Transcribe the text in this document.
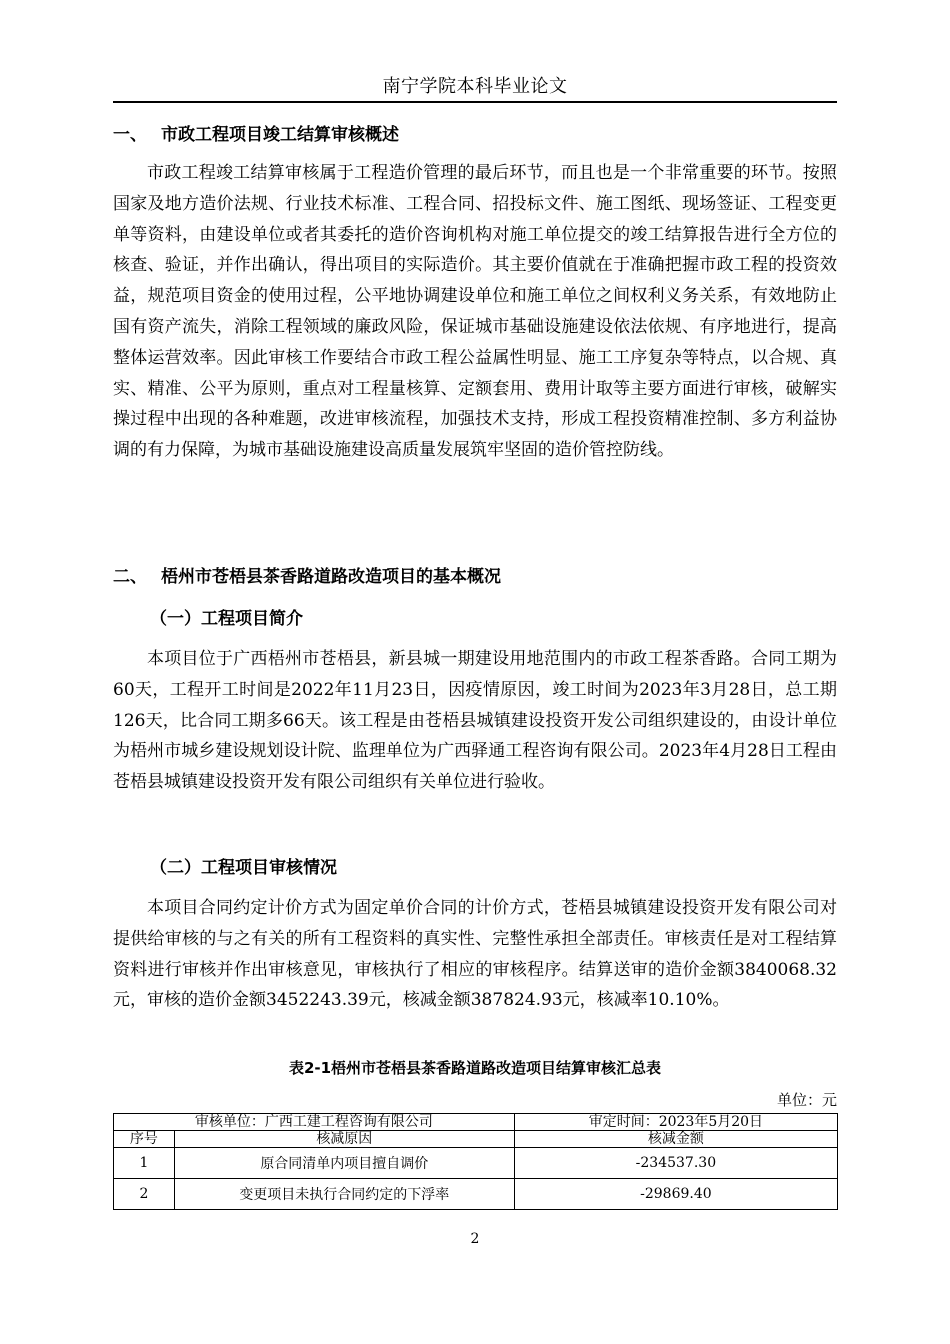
南宁学院本科毕业论文
一、 市政工程项目竣工结算审核概述
市政工程竣工结算审核属于工程造价管理的最后环节，而且也是一个非常重要的环节。按照国家及地方造价法规、行业技术标准、工程合同、招投标文件、施工图纸、现场签证、工程变更单等资料，由建设单位或者其委托的造价咨询机构对施工单位提交的竣工结算报告进行全方位的核查、验证，并作出确认，得出项目的实际造价。其主要价值就在于准确把握市政工程的投资效益，规范项目资金的使用过程，公平地协调建设单位和施工单位之间权利义务关系，有效地防止国有资产流失，消除工程领域的廉政风险，保证城市基础设施建设依法依规、有序地进行，提高整体运营效率。因此审核工作要结合市政工程公益属性明显、施工工序复杂等特点，以合规、真实、精准、公平为原则，重点对工程量核算、定额套用、费用计取等主要方面进行审核，破解实操过程中出现的各种难题，改进审核流程，加强技术支持，形成工程投资精准控制、多方利益协调的有力保障，为城市基础设施建设高质量发展筑牢坚固的造价管控防线。
二、 梧州市苍梧县茶香路道路改造项目的基本概况
（一）工程项目简介
本项目位于广西梧州市苍梧县，新县城一期建设用地范围内的市政工程茶香路。合同工期为60天，工程开工时间是2022年11月23日，因疫情原因，竣工时间为2023年3月28日，总工期126天，比合同工期多66天。该工程是由苍梧县城镇建设投资开发公司组织建设的，由设计单位为梧州市城乡建设规划设计院、监理单位为广西驿通工程咨询有限公司。2023年4月28日工程由苍梧县城镇建设投资开发有限公司组织有关单位进行验收。
（二）工程项目审核情况
本项目合同约定计价方式为固定单价合同的计价方式，苍梧县城镇建设投资开发有限公司对提供给审核的与之有关的所有工程资料的真实性、完整性承担全部责任。审核责任是对工程结算资料进行审核并作出审核意见，审核执行了相应的审核程序。结算送审的造价金额3840068.32元，审核的造价金额3452243.39元，核减金额387824.93元，核减率10.10%。
表2-1梧州市苍梧县茶香路道路改造项目结算审核汇总表
单位：元
审核单位：广西工建工程咨询有限公司		审定时间：2023年5月20日
序号	核减原因	核减金额
1	原合同清单内项目擅自调价	-234537.30
2	变更项目未执行合同约定的下浮率	-29869.40
2
